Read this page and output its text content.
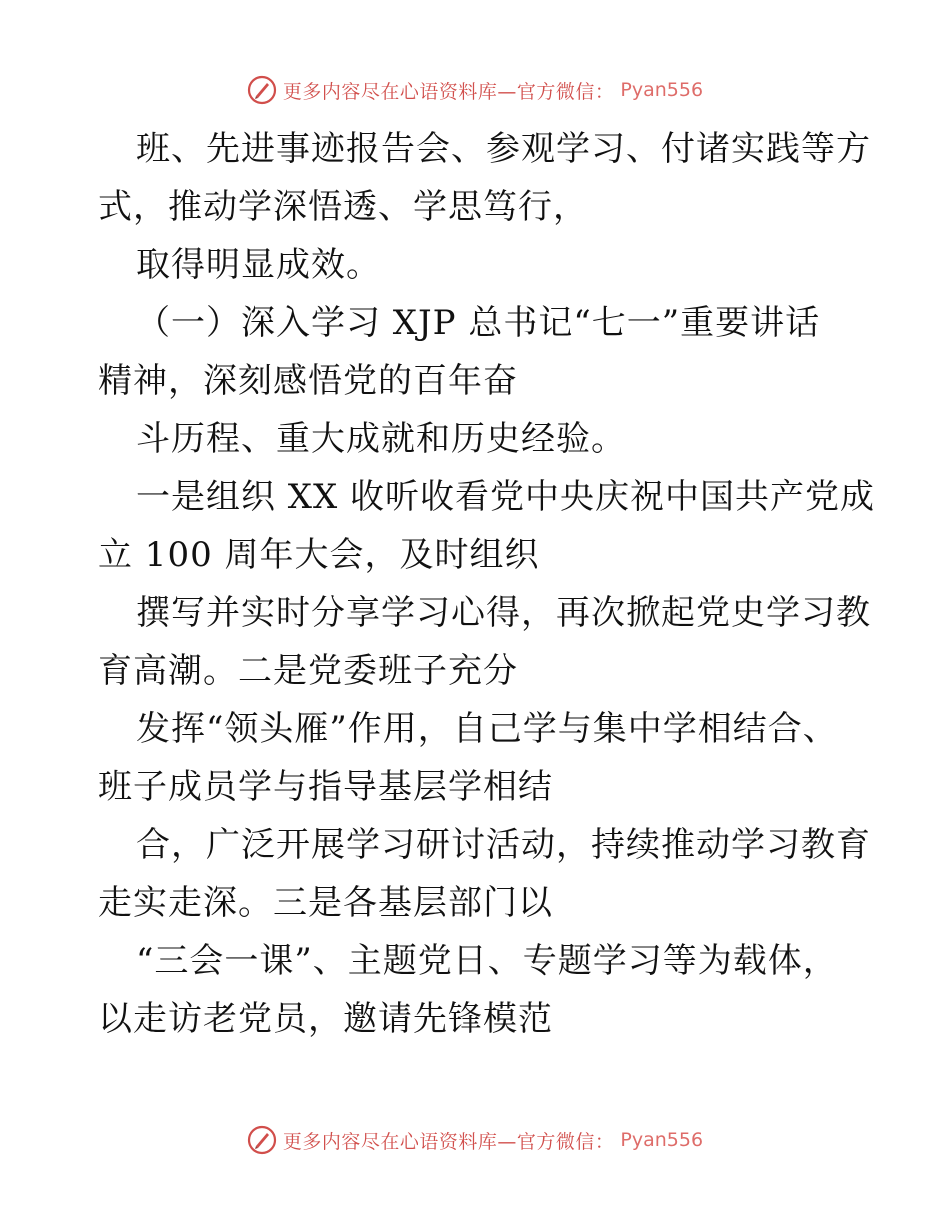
更多内容尽在心语资料库—官方微信： Pyan556
班、先进事迹报告会、参观学习、付诸实践等方
式，推动学深悟透、学思笃行，
取得明显成效。
（一）深入学习 XJP 总书记“七一”重要讲话
精神，深刻感悟党的百年奋
斗历程、重大成就和历史经验。
一是组织 XX 收听收看党中央庆祝中国共产党成
立 100 周年大会，及时组织
撰写并实时分享学习心得，再次掀起党史学习教
育高潮。二是党委班子充分
发挥“领头雁”作用，自己学与集中学相结合、
班子成员学与指导基层学相结
合，广泛开展学习研讨活动，持续推动学习教育
走实走深。三是各基层部门以
“三会一课”、主题党日、专题学习等为载体，
以走访老党员，邀请先锋模范
更多内容尽在心语资料库—官方微信： Pyan556
